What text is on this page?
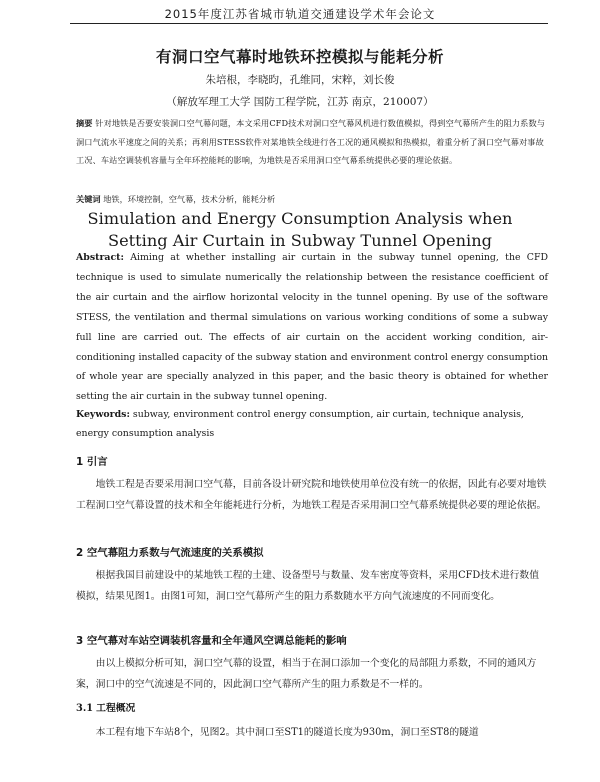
2015年度江苏省城市轨道交通建设学术年会论文
有洞口空气幕时地铁环控模拟与能耗分析
朱培根，李晓昀，孔维同，宋粹，刘长俊
（解放军理工大学 国防工程学院，江苏 南京，210007）
摘要 针对地铁是否要安装洞口空气幕问题，本文采用CFD技术对洞口空气幕风机进行数值模拟，得到空气幕所产生的阻力系数与洞口气流水平速度之间的关系；再利用STESS软件对某地铁全线进行各工况的通风模拟和热模拟，着重分析了洞口空气幕对事故工况、车站空调装机容量与全年环控能耗的影响，为地铁是否采用洞口空气幕系统提供必要的理论依据。
关键词 地铁，环境控制，空气幕，技术分析，能耗分析
Simulation and Energy Consumption Analysis when
Setting Air Curtain in Subway Tunnel Opening
Abstract: Aiming at whether installing air curtain in the subway tunnel opening, the CFD technique is used to simulate numerically the relationship between the resistance coefficient of the air curtain and the airflow horizontal velocity in the tunnel opening. By use of the software STESS, the ventilation and thermal simulations on various working conditions of some a subway full line are carried out. The effects of air curtain on the accident working condition, air-conditioning installed capacity of the subway station and environment control energy consumption of whole year are specially analyzed in this paper, and the basic theory is obtained for whether setting the air curtain in the subway tunnel opening.
Keywords: subway, environment control energy consumption, air curtain, technique analysis, energy consumption analysis
1 引言
地铁工程是否要采用洞口空气幕，目前各设计研究院和地铁使用单位没有统一的依据，因此有必要对地铁工程洞口空气幕设置的技术和全年能耗进行分析，为地铁工程是否采用洞口空气幕系统提供必要的理论依据。
2 空气幕阻力系数与气流速度的关系模拟
根据我国目前建设中的某地铁工程的土建、设备型号与数量、发车密度等资料，采用CFD技术进行数值模拟，结果见图1。由图1可知，洞口空气幕所产生的阻力系数随水平方向气流速度的不同而变化。
3 空气幕对车站空调装机容量和全年通风空调总能耗的影响
由以上模拟分析可知，洞口空气幕的设置，相当于在洞口添加一个变化的局部阻力系数，不同的通风方案，洞口中的空气流速是不同的，因此洞口空气幕所产生的阻力系数是不一样的。
3.1 工程概况
本工程有地下车站8个，见图2。其中洞口至ST1的隧道长度为930m，洞口至ST8的隧道
